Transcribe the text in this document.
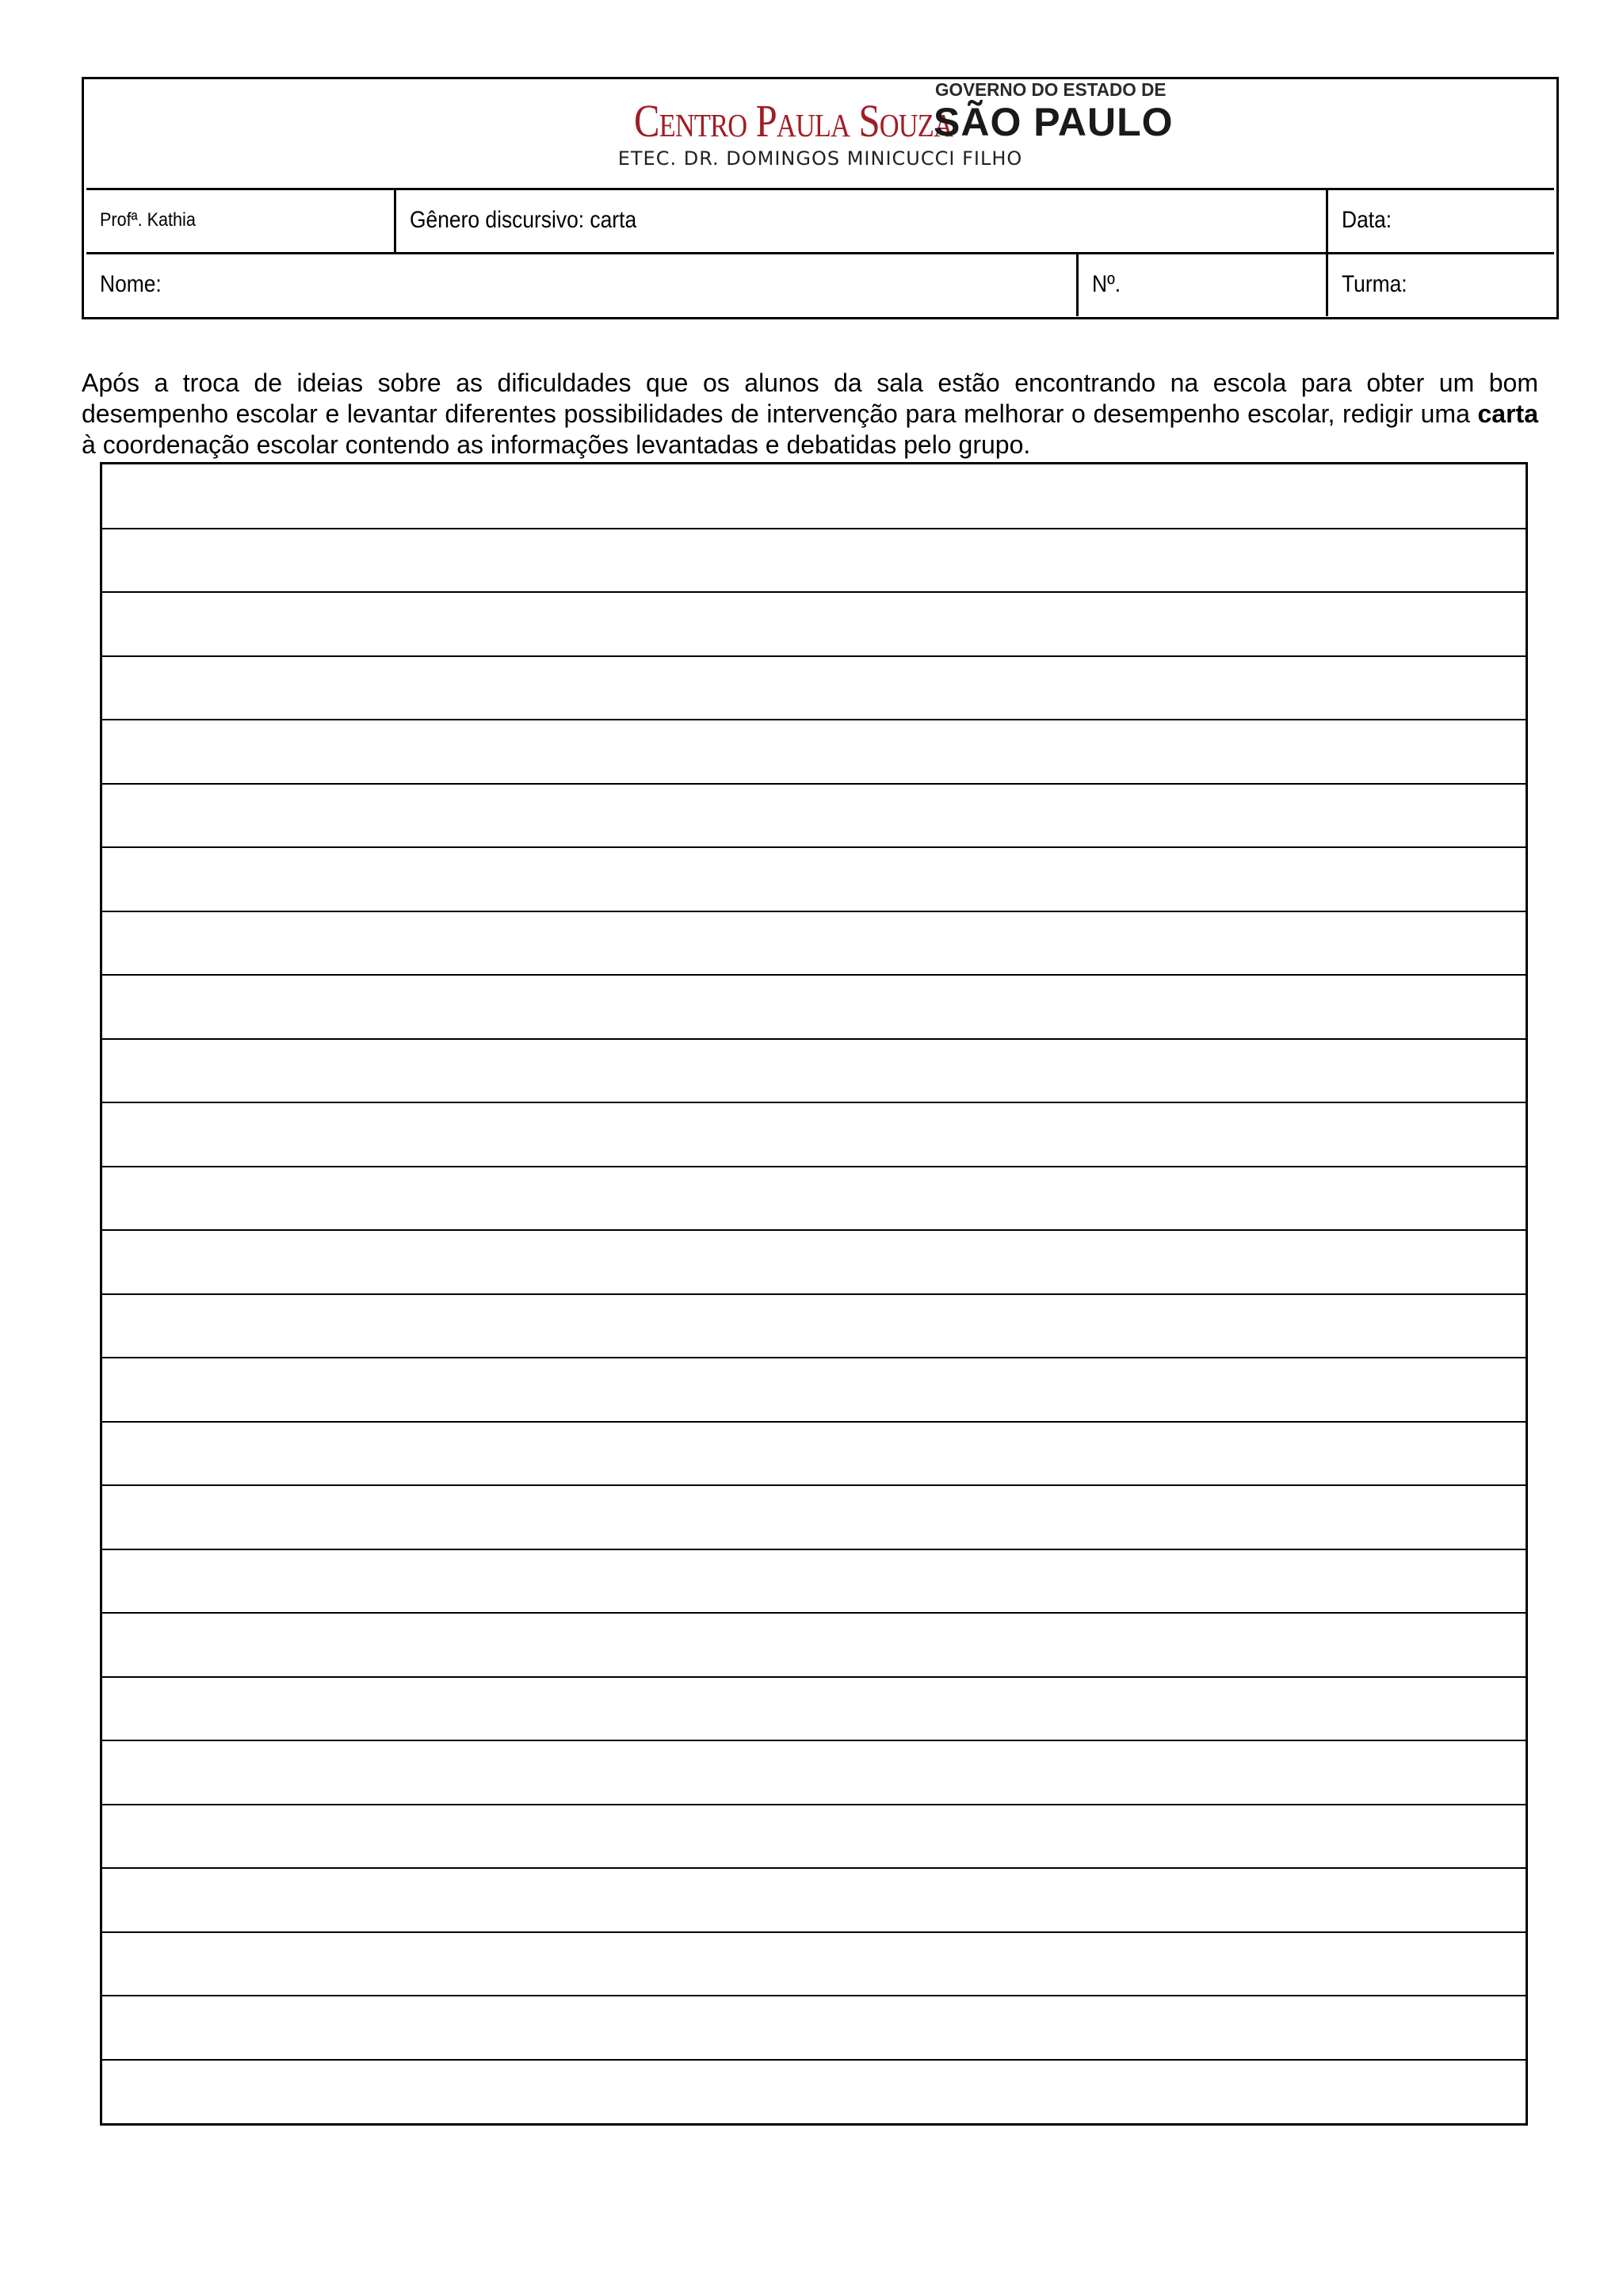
Centro Paula Souza
GOVERNO DO ESTADO DE
SÃO PAULO
ETEC. DR. DOMINGOS MINICUCCI FILHO
Profª. Kathia	Gênero discursivo: carta	Data:
Nome:	Nº.	Turma:

Após a troca de ideias sobre as dificuldades que os alunos da sala estão encontrando na escola para obter um bom desempenho escolar e levantar diferentes possibilidades de intervenção para melhorar o desempenho escolar, redigir uma carta à coordenação escolar contendo as informações levantadas e debatidas pelo grupo.
